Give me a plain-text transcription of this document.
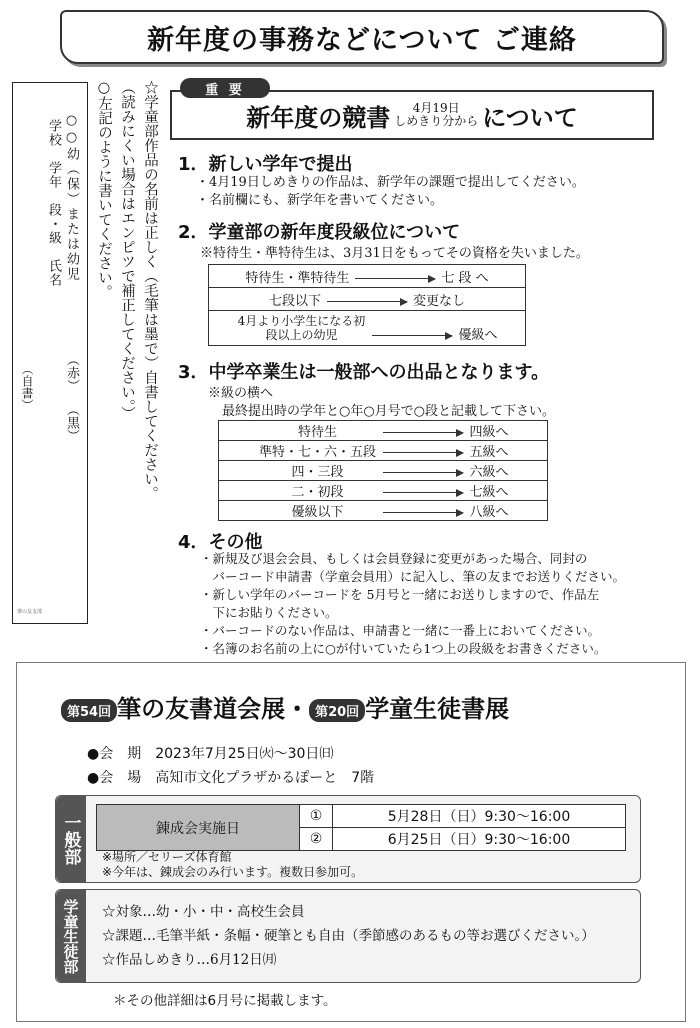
新年度の事務などについて ご連絡
○○幼（保）または幼児
（赤）
（黒）
学校　学年　段・級　氏名
（自書）
筆の友支部
☆学童部作品の名前は正しく（毛筆は墨で）自書してください。
（読みにくい場合はエンピツで補正してください。）
○左記のように書いてください。	新年度の競書	4月19日
しめきり分から について
重 要
1．新しい学年で提出
・4月19日しめきりの作品は、新学年の課題で提出してください。
・名前欄にも、新学年を書いてください。
2．学童部の新年度段級位について
※特待生・準特待生は、3月31日をもってその資格を失いました。
特待生・準特待生	七 段 へ
七段以下	変更なし
4月より小学生になる初段以上の幼児	優級へ
3．中学卒業生は一般部への出品となります。
※級の横へ
最終提出時の学年と○年○月号で○段と記載して下さい。
特待生	四級へ
準特・七・六・五段	五級へ
四・三段	六級へ
二・初段	七級へ
優級以下	八級へ
4．その他
・新規及び退会会員、もしくは会員登録に変更があった場合、同封の
　バーコード申請書（学童会員用）に記入し、筆の友までお送りください。
・新しい学年のバーコードを 5月号と一緒にお送りしますので、作品左
　下にお貼りください。
・バーコードのない作品は、申請書と一緒に一番上においてください。
・名簿のお名前の上に○が付いていたら1つ上の段級をお書きください。
第54回 筆の友書道会展・ 第20回 学童生徒書展
●会　期　 2023年7月25日㈫～30日㈰
●会　場　 高知市文化プラザかるぽーと　7階
一般部	錬成会実施日	①	5月28日（日）9:30～16:00
	②	6月25日（日）9:30～16:00
※場所／セリーズ体育館
※今年は、錬成会のみ行います。複数日参加可。
学童生徒部	☆対象…幼・小・中・高校生会員
☆課題…毛筆半紙・条幅・硬筆とも自由（季節感のあるもの等お選びください。）
☆作品しめきり…6月12日㈪
＊その他詳細は6月号に掲載します。
